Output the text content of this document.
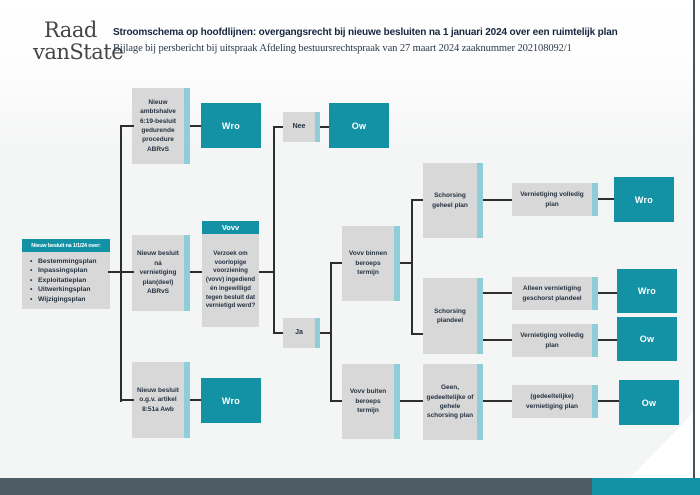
Raad
vanState
Stroomschema op hoofdlijnen: overgangsrecht bij nieuwe besluiten na 1 januari 2024 over een ruimtelijk plan
Bijlage bij persbericht bij uitspraak Afdeling bestuursrechtspraak van 27 maart 2024 zaaknummer 202108092/1
Nieuw besluit na 1/1/24 over:
• Bestemmingsplan
• Inpassingsplan
• Exploitatieplan
• Uitwerkingsplan
• Wijzigingsplan
Nieuw ambtshalve 6:19-besluit gedurende procedure ABRvS
Nieuw besluit ná vernietiging plan(deel) ABRvS
Nieuw besluit o.g.v. artikel 8:51a Awb
Nee
Ja
Vovv binnen beroeps termijn
Vovv buiten beroeps termijn
Schorsing geheel plan
Schorsing plandeel
Geen, gedeeltelijke of gehele schorsing plan
Vernietiging volledig plan
Alleen vernietiging geschorst plandeel
Vernietiging volledig plan
(gedeeltelijke) vernietiging plan
Vovv
Verzoek om voorlopige voorziening (vovv) ingediend én ingewilligd tegen besluit dat vernietigd werd?
Wro	Ow
Wro
Wro
Wro
Ow
Ow
